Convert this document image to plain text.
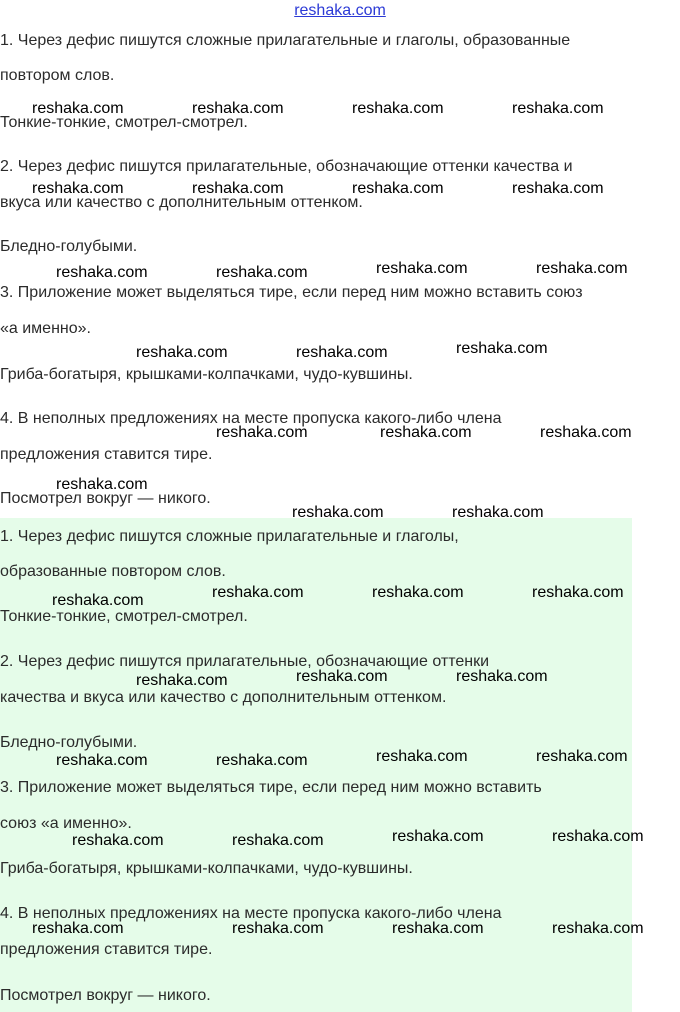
reshaka.com

1. Через дефис пишутся сложные прилагательные и глаголы, образованные

повтором слов.

Тонкие-тонкие, смотрел-смотрел.

2. Через дефис пишутся прилагательные, обозначающие оттенки качества и

вкуса или качество с дополнительным оттенком.

Бледно-голубыми.

3. Приложение может выделяться тире, если перед ним можно вставить союз

«а именно».

Гриба-богатыря, крышками-колпачками, чудо-кувшины.

4. В неполных предложениях на месте пропуска какого-либо члена

предложения ставится тире.

Посмотрел вокруг — никого.

1. Через дефис пишутся сложные прилагательные и глаголы,

образованные повтором слов.

Тонкие-тонкие, смотрел-смотрел.

2. Через дефис пишутся прилагательные, обозначающие оттенки

качества и вкуса или качество с дополнительным оттенком.

Бледно-голубыми.

3. Приложение может выделяться тире, если перед ним можно вставить

союз «а именно».

Гриба-богатыря, крышками-колпачками, чудо-кувшины.

4. В неполных предложениях на месте пропуска какого-либо члена

предложения ставится тире.

Посмотрел вокруг — никого.

reshaka.com	reshaka.com	reshaka.com	reshaka.com
reshaka.com	reshaka.com	reshaka.com	reshaka.com
reshaka.com	reshaka.com	reshaka.com	reshaka.com
reshaka.com	reshaka.com	reshaka.com
reshaka.com	reshaka.com	reshaka.com
reshaka.com
reshaka.com	reshaka.com
reshaka.com	reshaka.com	reshaka.com	reshaka.com
reshaka.com	reshaka.com	reshaka.com
reshaka.com	reshaka.com	reshaka.com	reshaka.com
reshaka.com	reshaka.com	reshaka.com	reshaka.com
reshaka.com	reshaka.com	reshaka.com	reshaka.com
